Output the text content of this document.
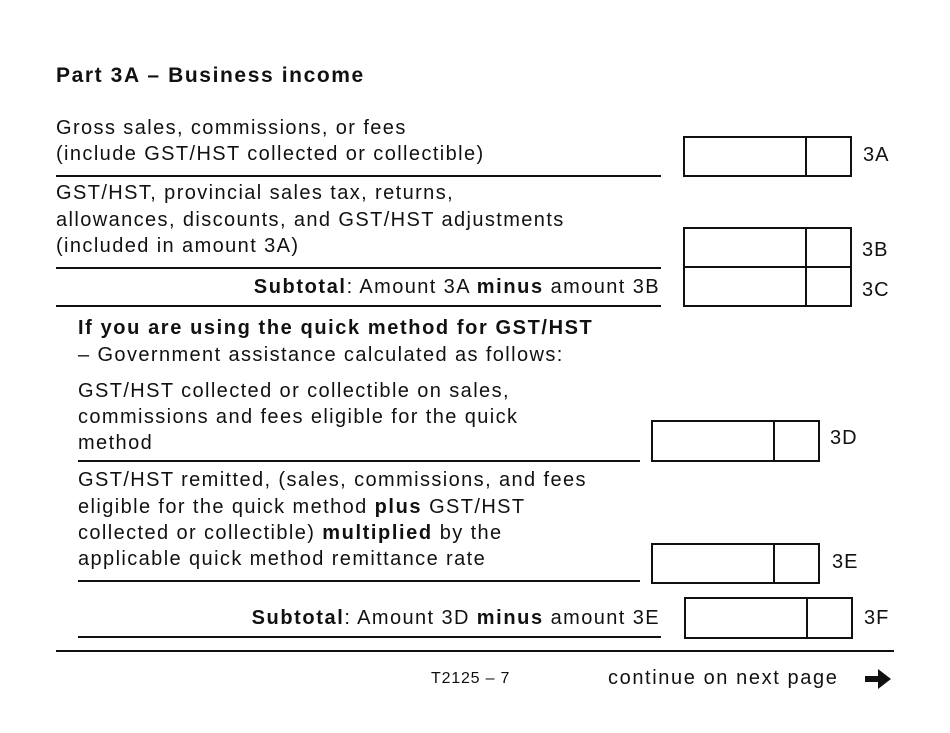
Part 3A – Business income
Gross sales, commissions, or fees
(include GST/HST collected or collectible)	3A
GST/HST, provincial sales tax, returns,
allowances, discounts, and GST/HST adjustments
(included in amount 3A)	3B
Subtotal: Amount 3A minus amount 3B	3C
If you are using the quick method for GST/HST
– Government assistance calculated as follows:
GST/HST collected or collectible on sales,
commissions and fees eligible for the quick
method	3D
GST/HST remitted, (sales, commissions, and fees
eligible for the quick method plus GST/HST
collected or collectible) multiplied by the
applicable quick method remittance rate	3E
Subtotal: Amount 3D minus amount 3E	3F
T2125 – 7	continue on next page
